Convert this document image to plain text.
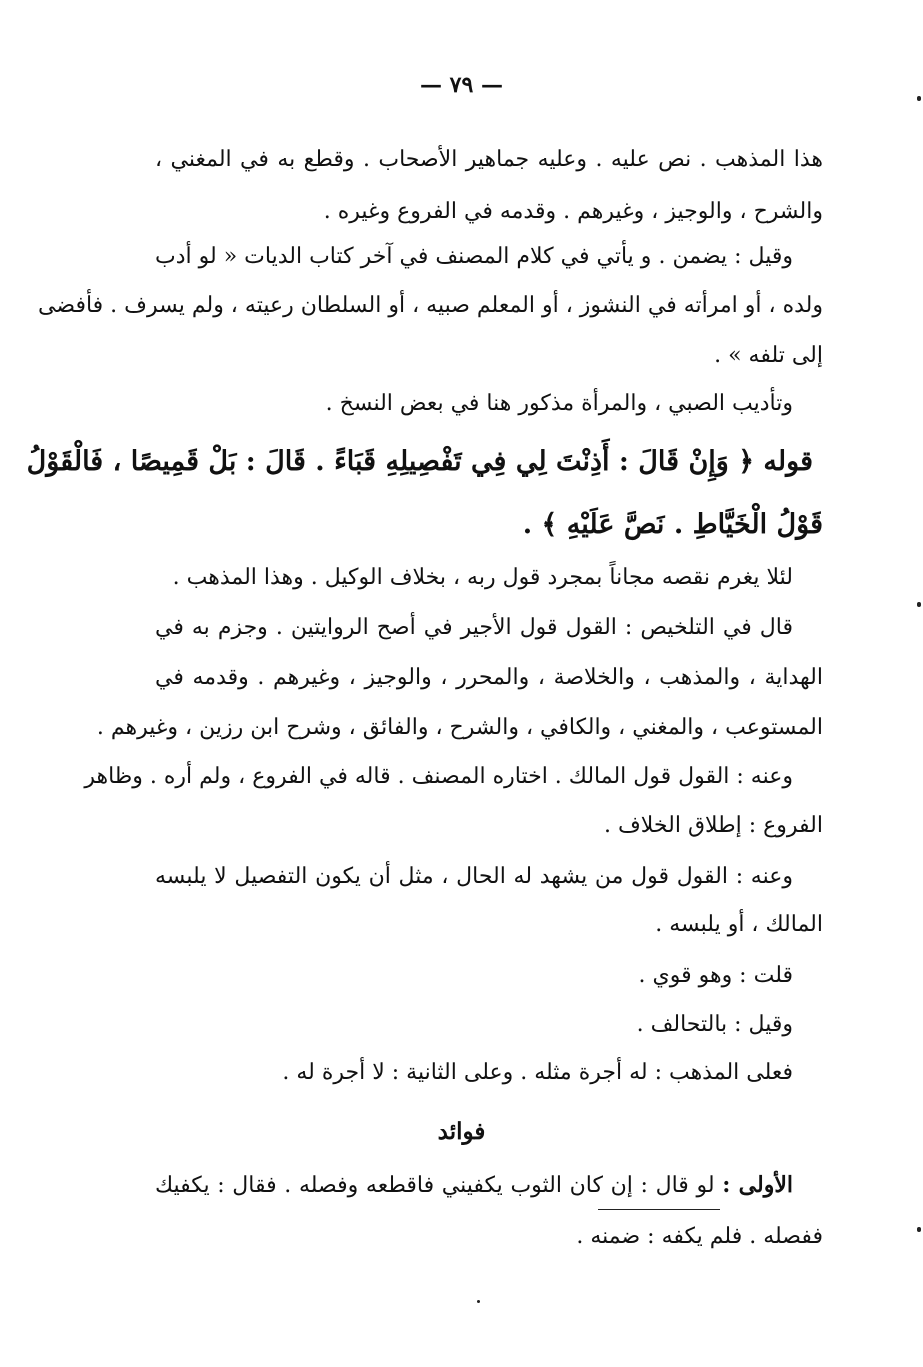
— ٧٩ —
هذا المذهب . نص عليه . وعليه جماهير الأصحاب . وقطع به في المغني ،
والشرح ، والوجيز ، وغيرهم . وقدمه في الفروع وغيره .
وقيل : يضمن . و يأتي في كلام المصنف في آخر كتاب الديات « لو أدب
ولده ، أو امرأته في النشوز ، أو المعلم صبيه ، أو السلطان رعيته ، ولم يسرف . فأفضى
إلى تلفه » .
وتأديب الصبي ، والمرأة مذكور هنا في بعض النسخ .
قوله ﴿ وَإِنْ قَالَ : أَذِنْتَ لِي فِي تَفْصِيلِهِ قَبَاءً . قَالَ : بَلْ قَمِيصًا ، فَالْقَوْلُ
قَوْلُ الْخَيَّاطِ . نَصَّ عَلَيْهِ ﴾ .
لئلا يغرم نقصه مجاناً بمجرد قول ربه ، بخلاف الوكيل . وهذا المذهب .
قال في التلخيص : القول قول الأجير في أصح الروايتين . وجزم به في
الهداية ، والمذهب ، والخلاصة ، والمحرر ، والوجيز ، وغيرهم . وقدمه في
المستوعب ، والمغني ، والكافي ، والشرح ، والفائق ، وشرح ابن رزين ، وغيرهم .
وعنه : القول قول المالك . اختاره المصنف . قاله في الفروع ، ولم أره . وظاهر
الفروع : إطلاق الخلاف .
وعنه : القول قول من يشهد له الحال ، مثل أن يكون التفصيل لا يلبسه
المالك ، أو يلبسه .
قلت : وهو قوي .
وقيل : بالتحالف .
فعلى المذهب : له أجرة مثله . وعلى الثانية : لا أجرة له .
فوائد
الأولى : لو قال : إن كان الثوب يكفيني فاقطعه وفصله . فقال : يكفيك
ففصله . فلم يكفه : ضمنه .
